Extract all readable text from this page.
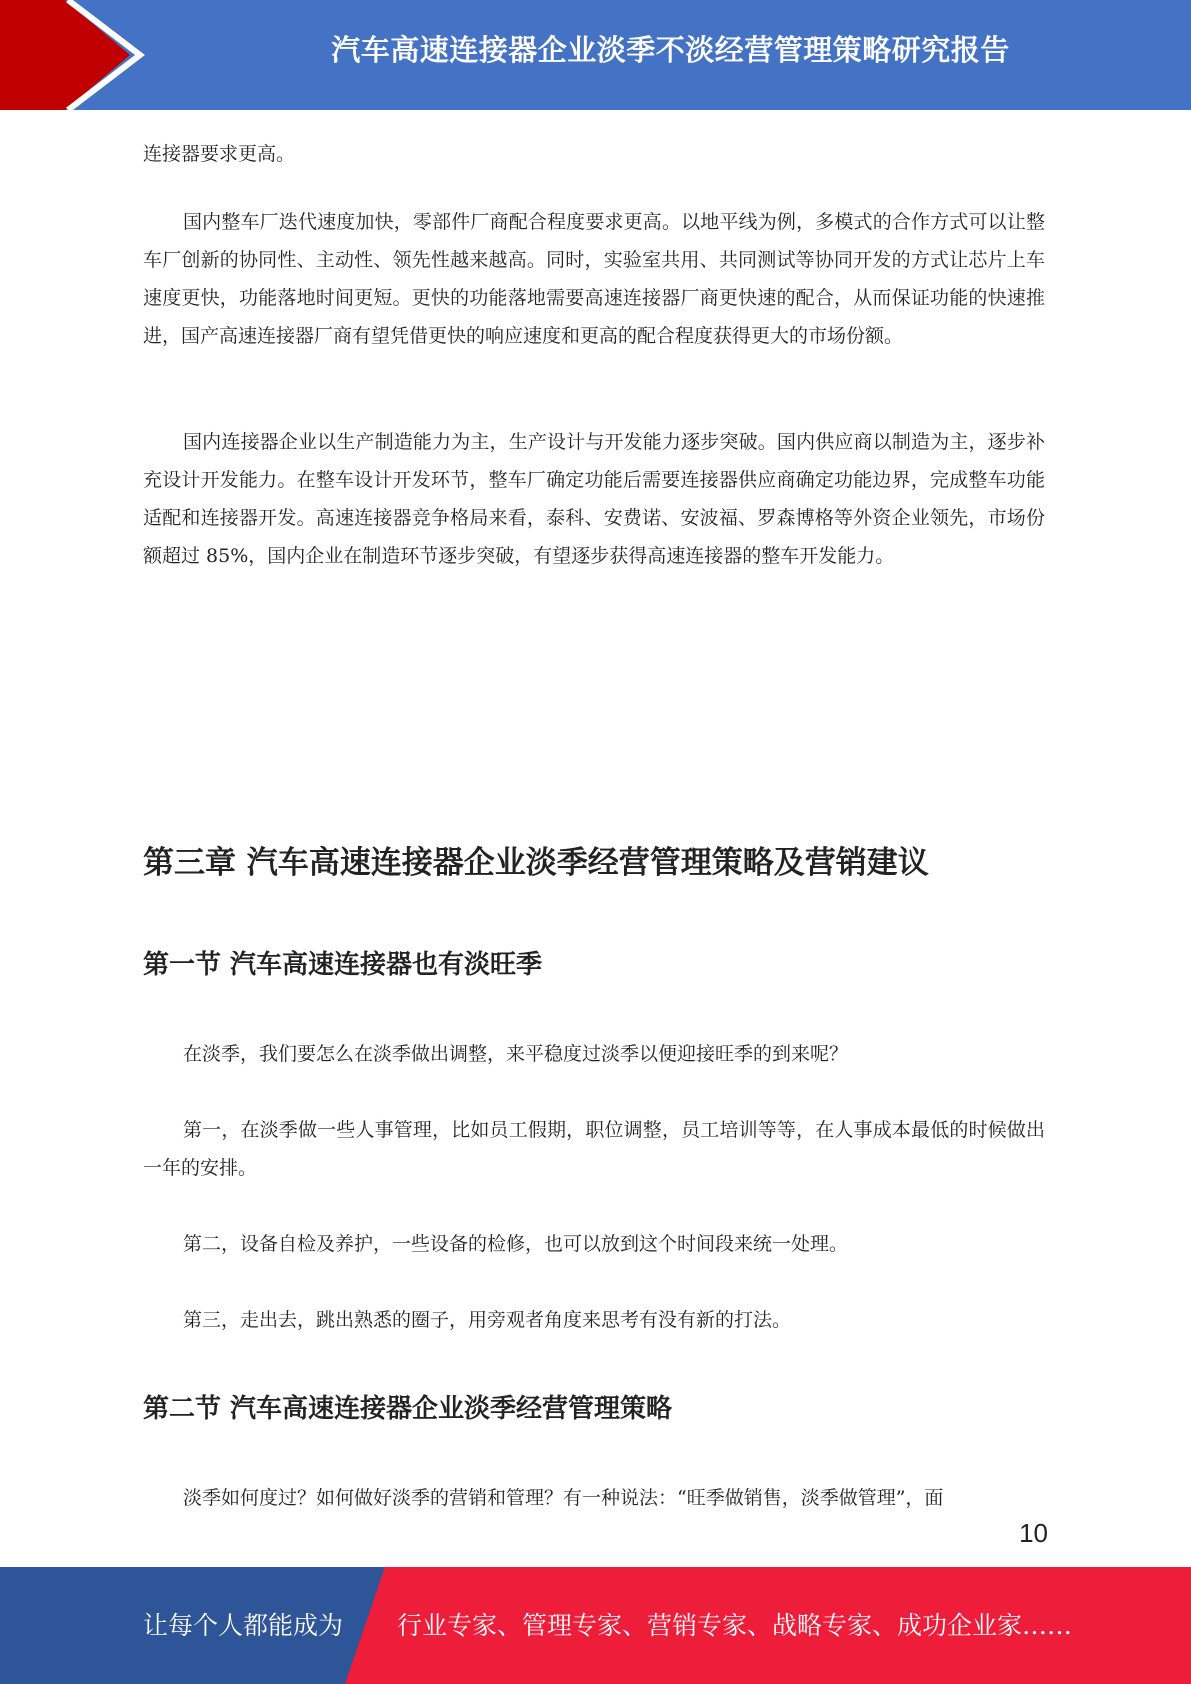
汽车高速连接器企业淡季不淡经营管理策略研究报告

连接器要求更高。

国内整车厂迭代速度加快，零部件厂商配合程度要求更高。以地平线为例，多模式的合作方式可以让整车厂创新的协同性、主动性、领先性越来越高。同时，实验室共用、共同测试等协同开发的方式让芯片上车速度更快，功能落地时间更短。更快的功能落地需要高速连接器厂商更快速的配合，从而保证功能的快速推进，国产高速连接器厂商有望凭借更快的响应速度和更高的配合程度获得更大的市场份额。

国内连接器企业以生产制造能力为主，生产设计与开发能力逐步突破。国内供应商以制造为主，逐步补充设计开发能力。在整车设计开发环节，整车厂确定功能后需要连接器供应商确定功能边界，完成整车功能适配和连接器开发。高速连接器竞争格局来看，泰科、安费诺、安波福、罗森博格等外资企业领先，市场份额超过 85%，国内企业在制造环节逐步突破，有望逐步获得高速连接器的整车开发能力。

第三章 汽车高速连接器企业淡季经营管理策略及营销建议
第一节 汽车高速连接器也有淡旺季

在淡季，我们要怎么在淡季做出调整，来平稳度过淡季以便迎接旺季的到来呢？

第一，在淡季做一些人事管理，比如员工假期，职位调整，员工培训等等，在人事成本最低的时候做出一年的安排。

第二，设备自检及养护，一些设备的检修，也可以放到这个时间段来统一处理。

第三，走出去，跳出熟悉的圈子，用旁观者角度来思考有没有新的打法。

第二节 汽车高速连接器企业淡季经营管理策略

淡季如何度过？如何做好淡季的营销和管理？有一种说法：“旺季做销售，淡季做管理”，面

10
让每个人都能成为 行业专家、管理专家、营销专家、战略专家、成功企业家……
